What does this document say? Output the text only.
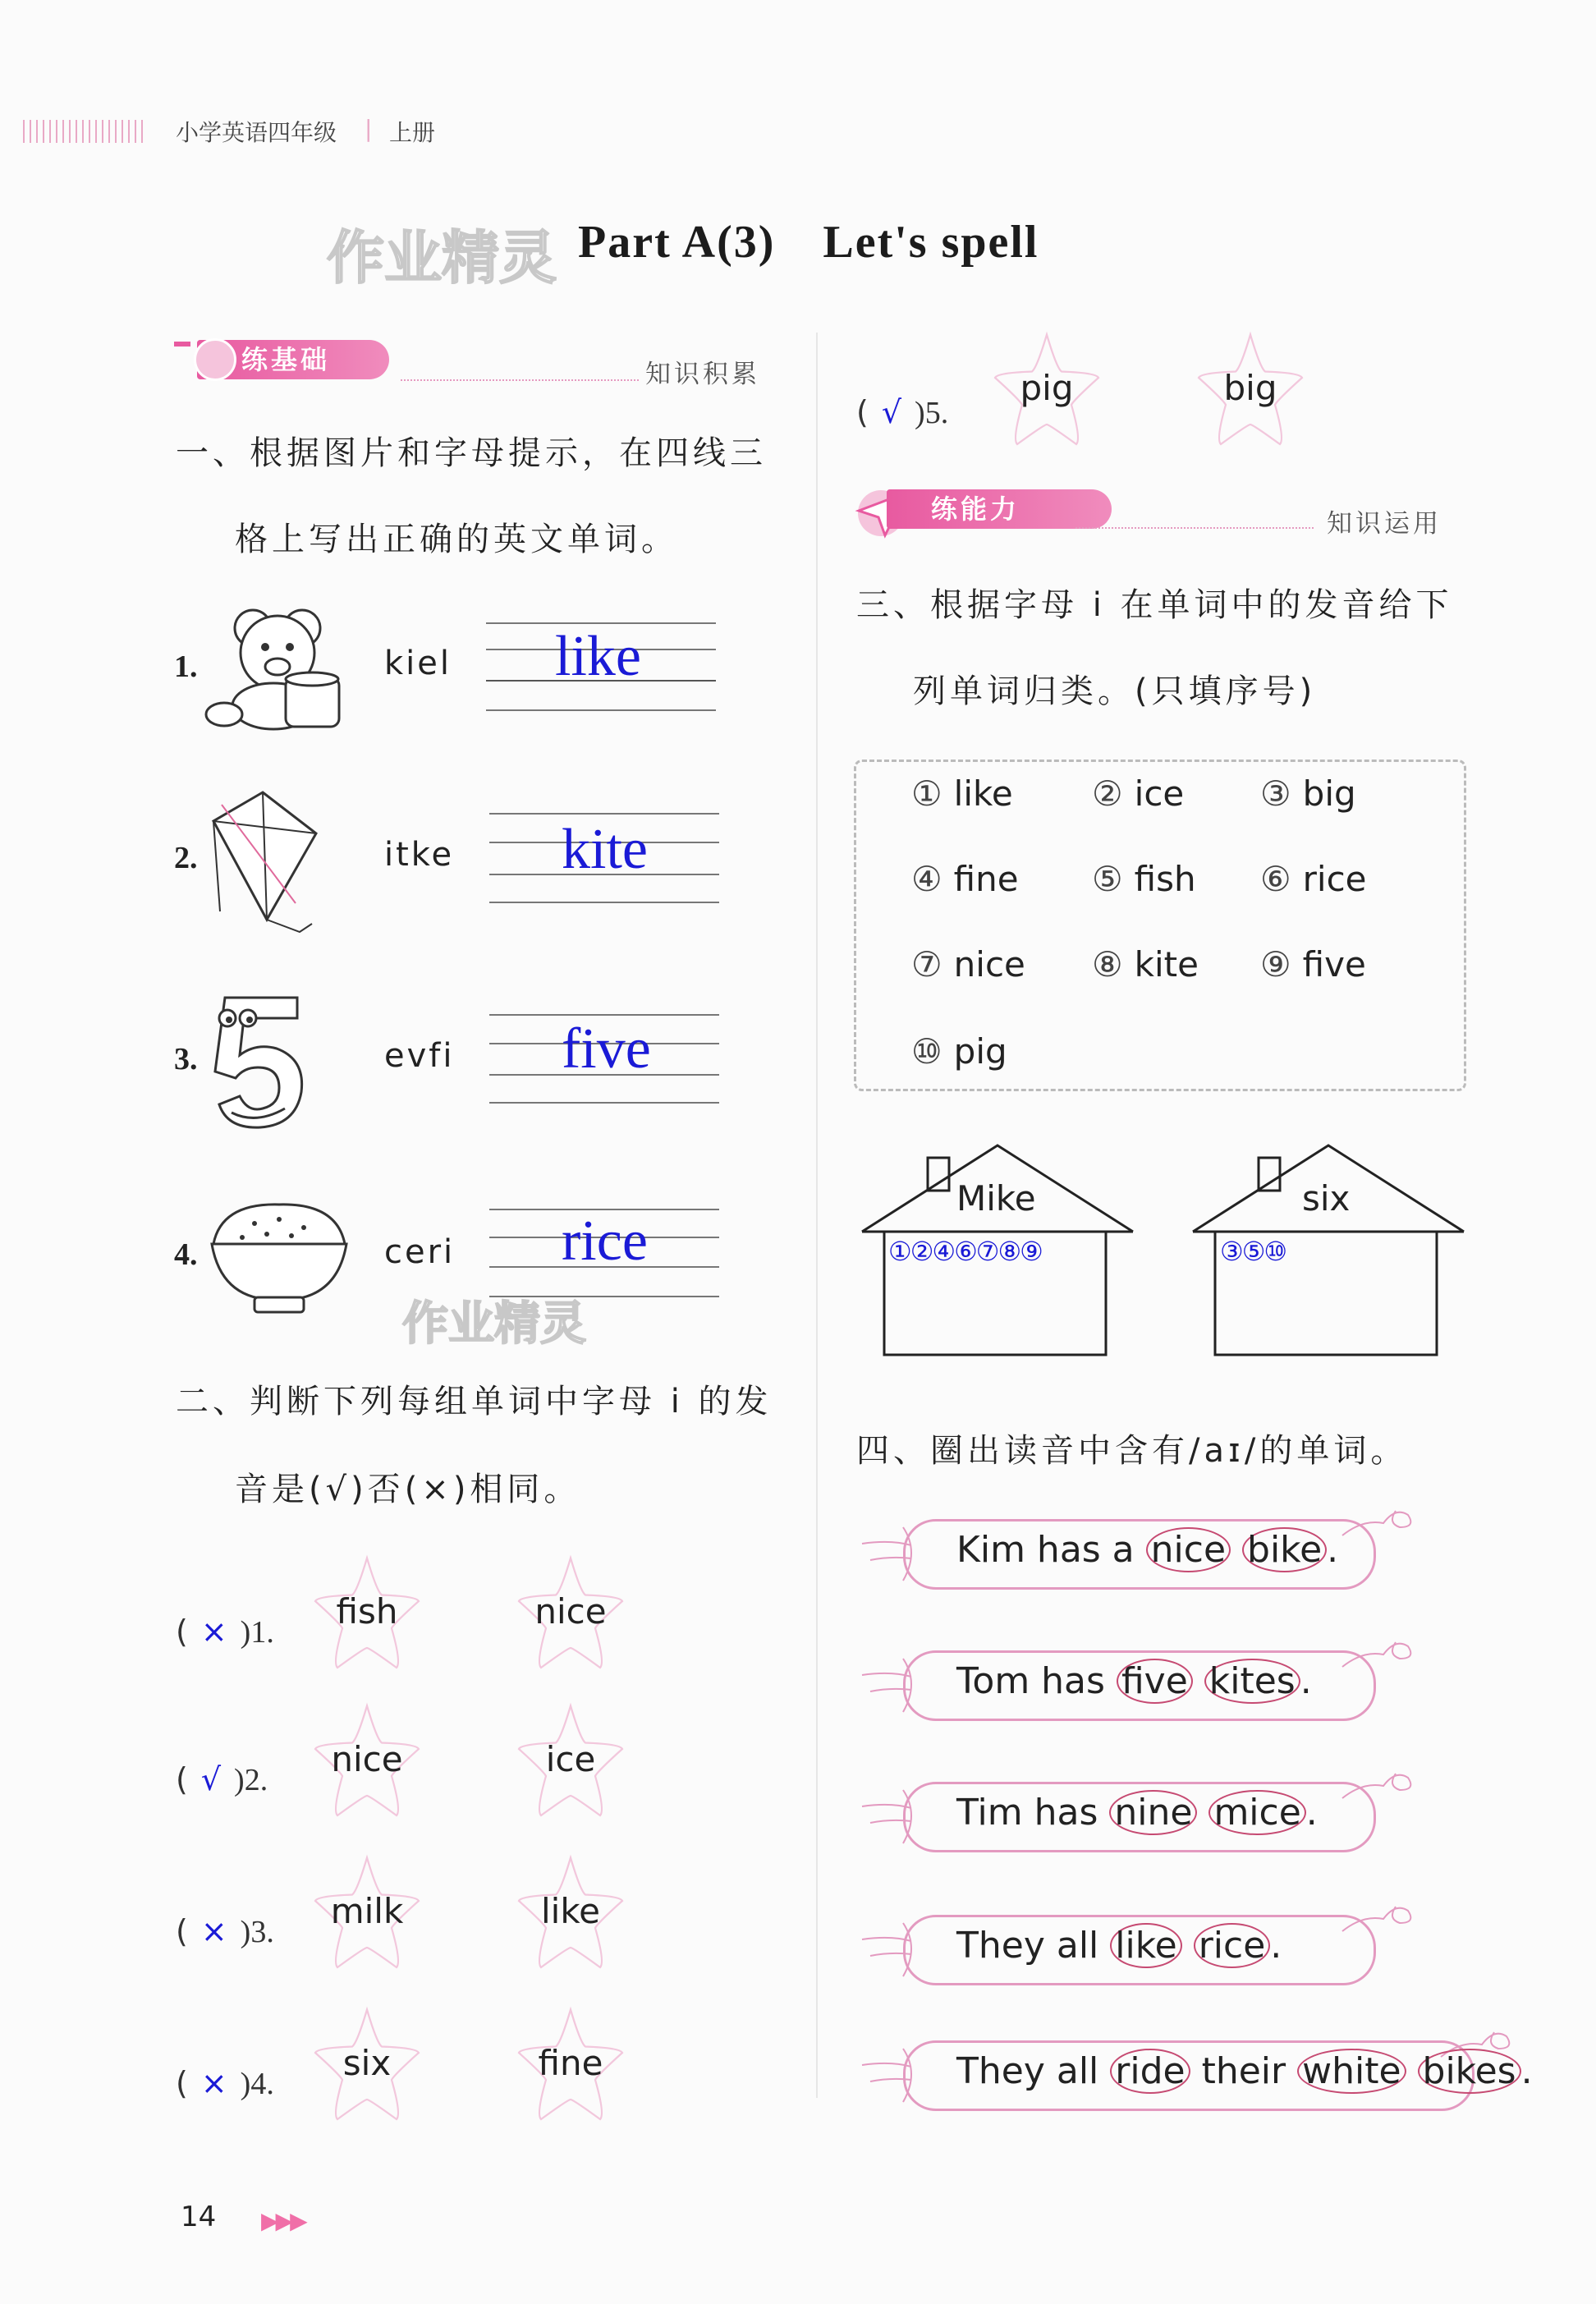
小学英语四年级 | 上册
作业精灵 Part A(3)　Let's spell
练基础	知识积累
一、根据图片和字母提示，在四线三
格上写出正确的英文单词。
1.	kiel like
2.	itke kite
3.	evfi five
4.	ceri rice
作业精灵
二、判断下列每组单词中字母 i 的发
音是(√)否(×)相同。
( √ )5.
pig	big
练能力	知识运用
三、根据字母 i 在单词中的发音给下
列单词归类。(只填序号)
Mike
①②④⑥⑦⑧⑨
six
③⑤⑩
四、圈出读音中含有/aɪ/的单词。
14 ▶▶▶
( × )1.
fish	nice
( √ )2.
nice	ice
( × )3.
milk	like
( × )4.
six	fine
① like ② ice ③ big
④ fine ⑤ fish ⑥ rice
⑦ nice ⑧ kite ⑨ five
⑩ pig
Kim has a nice bike .
Tom has five kites .
Tim has nine mice .
They all like rice .
They all ride their white bikes .
